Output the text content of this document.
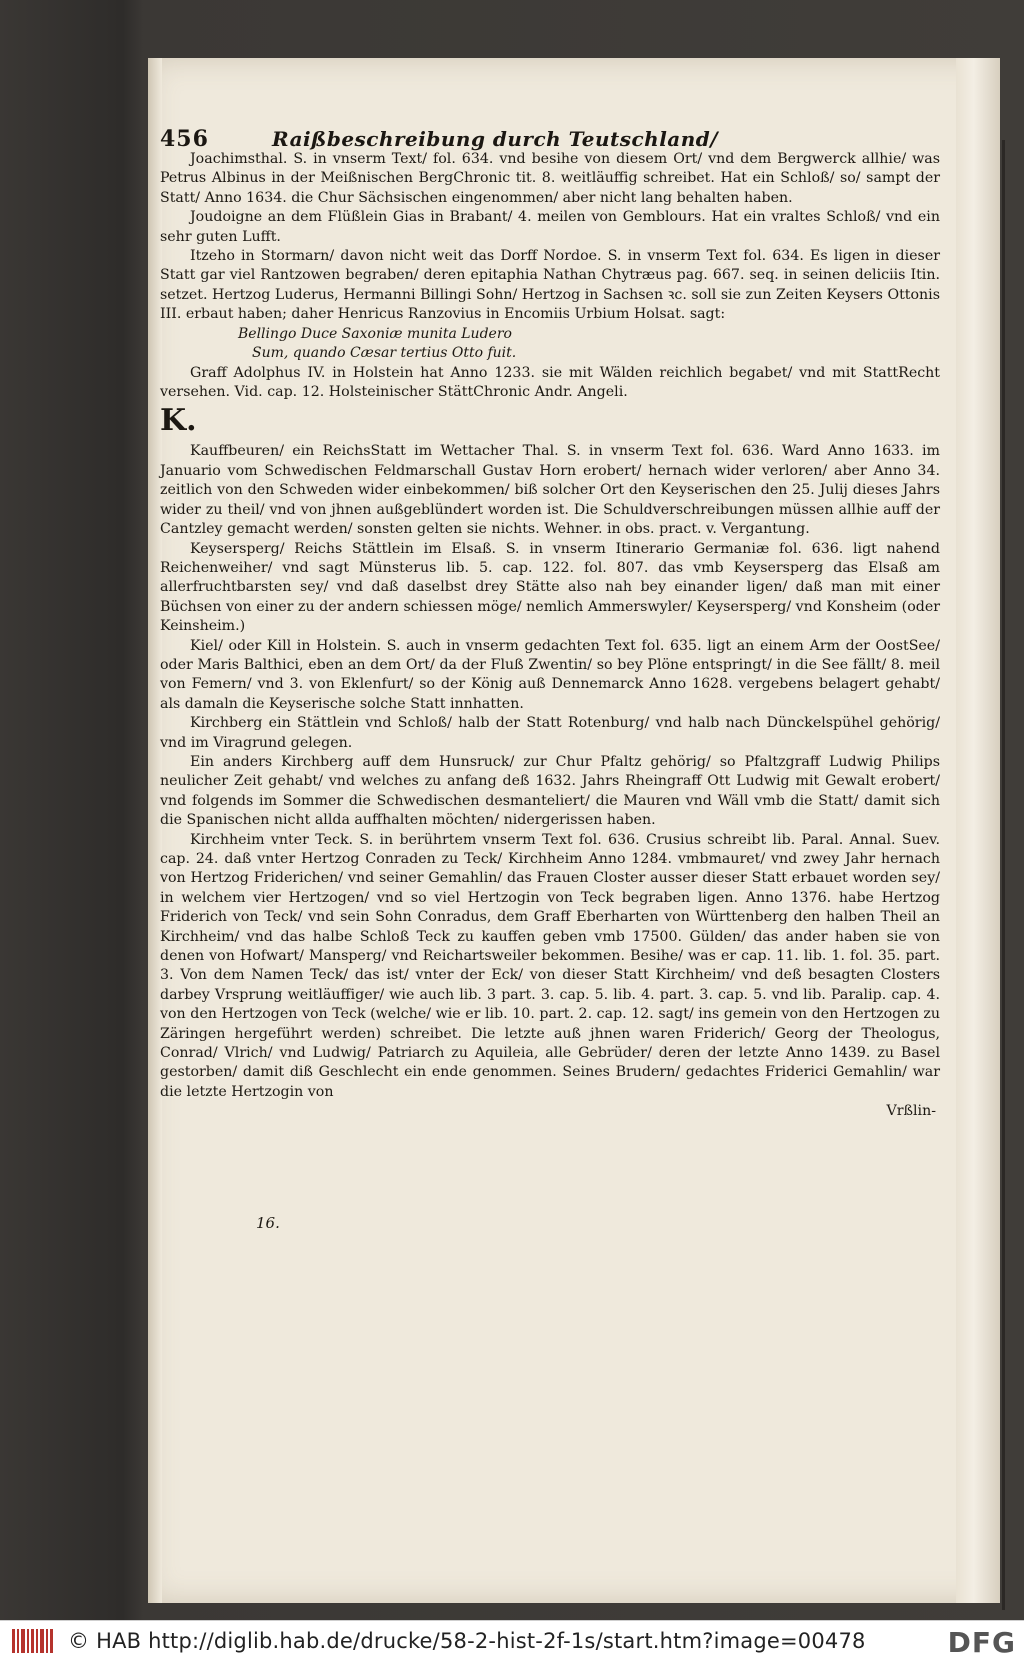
456	Raißbeschreibung durch Teutschland/
16.

Joachimsthal. S. in vnserm Text/ fol. 634. vnd besihe von diesem Ort/ vnd dem Bergwerck allhie/ was Petrus Albinus in der Meißnischen BergChronic tit. 8. weitläuffig schreibet. Hat ein Schloß/ so/ sampt der Statt/ Anno 1634. die Chur Sächsischen eingenommen/ aber nicht lang behalten haben.

Joudoigne an dem Flüßlein Gias in Brabant/ 4. meilen von Gemblours. Hat ein vraltes Schloß/ vnd ein sehr guten Lufft.

Itzeho in Stormarn/ davon nicht weit das Dorff Nordoe. S. in vnserm Text fol. 634. Es ligen in dieser Statt gar viel Rantzowen begraben/ deren epitaphia Nathan Chytræus pag. 667. seq. in seinen deliciis Itin. setzet. Hertzog Luderus, Hermanni Billingi Sohn/ Hertzog in Sachsen ꝛc. soll sie zun Zeiten Keysers Ottonis III. erbaut haben; daher Henricus Ranzovius in Encomiis Urbium Holsat. sagt:

Bellingo Duce Saxoniæ munita Ludero

Sum, quando Cæsar tertius Otto fuit.

Graff Adolphus IV. in Holstein hat Anno 1233. sie mit Wälden reichlich begabet/ vnd mit StattRecht versehen. Vid. cap. 12. Holsteinischer StättChronic Andr. Angeli.

K.

Kauffbeuren/ ein ReichsStatt im Wettacher Thal. S. in vnserm Text fol. 636. Ward Anno 1633. im Januario vom Schwedischen Feldmarschall Gustav Horn erobert/ hernach wider verloren/ aber Anno 34. zeitlich von den Schweden wider einbekommen/ biß solcher Ort den Keyserischen den 25. Julij dieses Jahrs wider zu theil/ vnd von jhnen außgeblündert worden ist. Die Schuldverschreibungen müssen allhie auff der Cantzley gemacht werden/ sonsten gelten sie nichts. Wehner. in obs. pract. v. Vergantung.

Keysersperg/ Reichs Stättlein im Elsaß. S. in vnserm Itinerario Germaniæ fol. 636. ligt nahend Reichenweiher/ vnd sagt Münsterus lib. 5. cap. 122. fol. 807. das vmb Keysersperg das Elsaß am allerfruchtbarsten sey/ vnd daß daselbst drey Stätte also nah bey einander ligen/ daß man mit einer Büchsen von einer zu der andern schiessen möge/ nemlich Ammerswyler/ Keysersperg/ vnd Konsheim (oder Keinsheim.)

Kiel/ oder Kill in Holstein. S. auch in vnserm gedachten Text fol. 635. ligt an einem Arm der OostSee/ oder Maris Balthici, eben an dem Ort/ da der Fluß Zwentin/ so bey Plöne entspringt/ in die See fällt/ 8. meil von Femern/ vnd 3. von Eklenfurt/ so der König auß Dennemarck Anno 1628. vergebens belagert gehabt/ als damaln die Keyserische solche Statt innhatten.

Kirchberg ein Stättlein vnd Schloß/ halb der Statt Rotenburg/ vnd halb nach Dünckelspühel gehörig/ vnd im Viragrund gelegen.

Ein anders Kirchberg auff dem Hunsruck/ zur Chur Pfaltz gehörig/ so Pfaltzgraff Ludwig Philips neulicher Zeit gehabt/ vnd welches zu anfang deß 1632. Jahrs Rheingraff Ott Ludwig mit Gewalt erobert/ vnd folgends im Sommer die Schwedischen desmanteliert/ die Mauren vnd Wäll vmb die Statt/ damit sich die Spanischen nicht allda auffhalten möchten/ nidergerissen haben.

Kirchheim vnter Teck. S. in berührtem vnserm Text fol. 636. Crusius schreibt lib. Paral. Annal. Suev. cap. 24. daß vnter Hertzog Conraden zu Teck/ Kirchheim Anno 1284. vmbmauret/ vnd zwey Jahr hernach von Hertzog Friderichen/ vnd seiner Gemahlin/ das Frauen Closter ausser dieser Statt erbauet worden sey/ in welchem vier Hertzogen/ vnd so viel Hertzogin von Teck begraben ligen. Anno 1376. habe Hertzog Friderich von Teck/ vnd sein Sohn Conradus, dem Graff Eberharten von Württenberg den halben Theil an Kirchheim/ vnd das halbe Schloß Teck zu kauffen geben vmb 17500. Gülden/ das ander haben sie von denen von Hofwart/ Mansperg/ vnd Reichartsweiler bekommen. Besihe/ was er cap. 11. lib. 1. fol. 35. part. 3. Von dem Namen Teck/ das ist/ vnter der Eck/ von dieser Statt Kirchheim/ vnd deß besagten Closters darbey Vrsprung weitläuffiger/ wie auch lib. 3 part. 3. cap. 5. lib. 4. part. 3. cap. 5. vnd lib. Paralip. cap. 4. von den Hertzogen von Teck (welche/ wie er lib. 10. part. 2. cap. 12. sagt/ ins gemein von den Hertzogen zu Zäringen hergeführt werden) schreibet. Die letzte auß jhnen waren Friderich/ Georg der Theologus, Conrad/ Vlrich/ vnd Ludwig/ Patriarch zu Aquileia, alle Gebrüder/ deren der letzte Anno 1439. zu Basel gestorben/ damit diß Geschlecht ein ende genommen. Seines Brudern/ gedachtes Friderici Gemahlin/ war die letzte Hertzogin von

Vrßlin-

© HAB http://diglib.hab.de/drucke/58-2-hist-2f-1s/start.htm?image=00478	DFG
